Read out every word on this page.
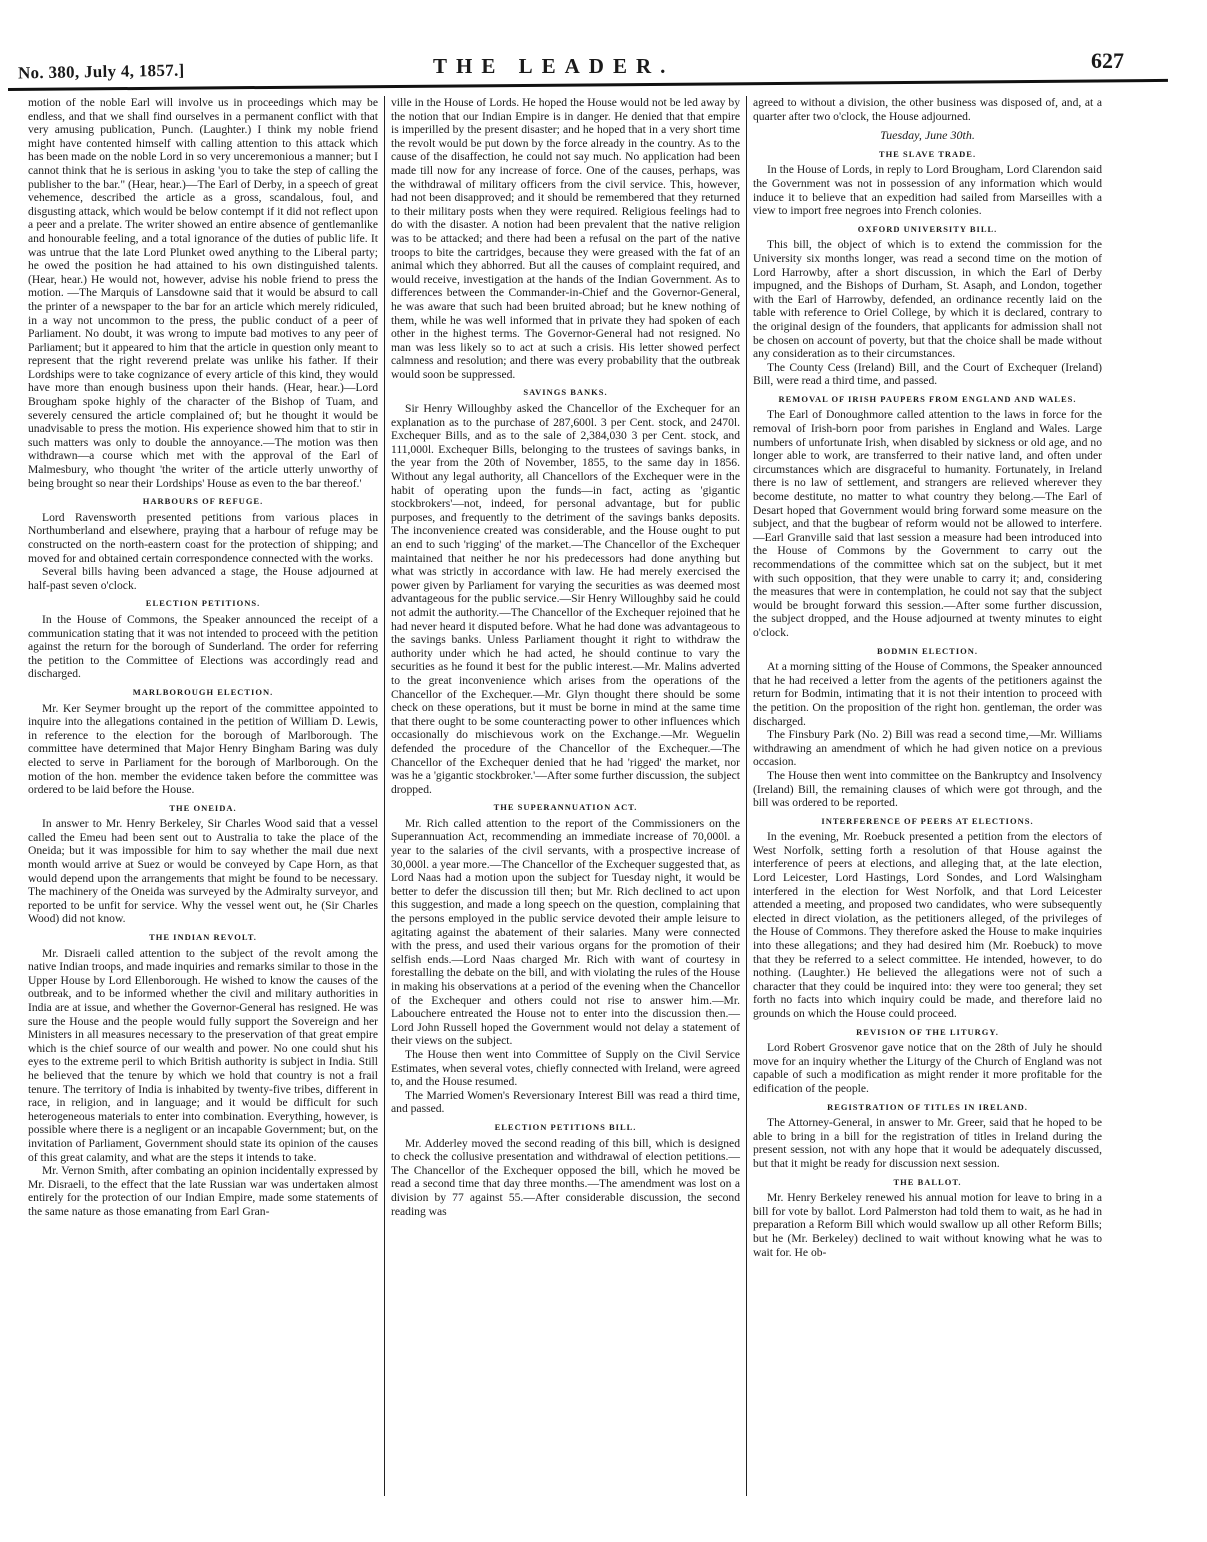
No. 380, July 4, 1857.]	THE LEADER.	627

motion of the noble Earl will involve us in proceedings which may be endless, and that we shall find ourselves in a permanent conflict with that very amusing publication, Punch. (Laughter.) I think my noble friend might have contented himself with calling attention to this attack which has been made on the noble Lord in so very unceremonious a manner; but I cannot think that he is serious in asking 'you to take the step of calling the publisher to the bar." (Hear, hear.)—The Earl of Derby, in a speech of great vehemence, described the article as a gross, scandalous, foul, and disgusting attack, which would be below contempt if it did not reflect upon a peer and a prelate. The writer showed an entire absence of gentlemanlike and honourable feeling, and a total ignorance of the duties of public life. It was untrue that the late Lord Plunket owed anything to the Liberal party; he owed the position he had attained to his own distinguished talents. (Hear, hear.) He would not, however, advise his noble friend to press the motion. —The Marquis of Lansdowne said that it would be absurd to call the printer of a newspaper to the bar for an article which merely ridiculed, in a way not uncommon to the press, the public conduct of a peer of Parliament. No doubt, it was wrong to impute bad motives to any peer of Parliament; but it appeared to him that the article in question only meant to represent that the right reverend prelate was unlike his father. If their Lordships were to take cognizance of every article of this kind, they would have more than enough business upon their hands. (Hear, hear.)—Lord Brougham spoke highly of the character of the Bishop of Tuam, and severely censured the article complained of; but he thought it would be unadvisable to press the motion. His experience showed him that to stir in such matters was only to double the annoyance.—The motion was then withdrawn—a course which met with the approval of the Earl of Malmesbury, who thought 'the writer of the article utterly unworthy of being brought so near their Lordships' House as even to the bar thereof.'

HARBOURS OF REFUGE.

Lord Ravensworth presented petitions from various places in Northumberland and elsewhere, praying that a harbour of refuge may be constructed on the north-eastern coast for the protection of shipping; and moved for and obtained certain correspondence connected with the works.

Several bills having been advanced a stage, the House adjourned at half-past seven o'clock.

ELECTION PETITIONS.

In the House of Commons, the Speaker announced the receipt of a communication stating that it was not intended to proceed with the petition against the return for the borough of Sunderland. The order for referring the petition to the Committee of Elections was accordingly read and discharged.

MARLBOROUGH ELECTION.

Mr. Ker Seymer brought up the report of the committee appointed to inquire into the allegations contained in the petition of William D. Lewis, in reference to the election for the borough of Marlborough. The committee have determined that Major Henry Bingham Baring was duly elected to serve in Parliament for the borough of Marlborough. On the motion of the hon. member the evidence taken before the committee was ordered to be laid before the House.

THE ONEIDA.

In answer to Mr. Henry Berkeley, Sir Charles Wood said that a vessel called the Emeu had been sent out to Australia to take the place of the Oneida; but it was impossible for him to say whether the mail due next month would arrive at Suez or would be conveyed by Cape Horn, as that would depend upon the arrangements that might be found to be necessary. The machinery of the Oneida was surveyed by the Admiralty surveyor, and reported to be unfit for service. Why the vessel went out, he (Sir Charles Wood) did not know.

THE INDIAN REVOLT.

Mr. Disraeli called attention to the subject of the revolt among the native Indian troops, and made inquiries and remarks similar to those in the Upper House by Lord Ellenborough. He wished to know the causes of the outbreak, and to be informed whether the civil and military authorities in India are at issue, and whether the Governor-General has resigned. He was sure the House and the people would fully support the Sovereign and her Ministers in all measures necessary to the preservation of that great empire which is the chief source of our wealth and power. No one could shut his eyes to the extreme peril to which British authority is subject in India. Still he believed that the tenure by which we hold that country is not a frail tenure. The territory of India is inhabited by twenty-five tribes, different in race, in religion, and in language; and it would be difficult for such heterogeneous materials to enter into combination. Everything, however, is possible where there is a negligent or an incapable Government; but, on the invitation of Parliament, Government should state its opinion of the causes of this great calamity, and what are the steps it intends to take.

Mr. Vernon Smith, after combating an opinion incidentally expressed by Mr. Disraeli, to the effect that the late Russian war was undertaken almost entirely for the protection of our Indian Empire, made some statements of the same nature as those emanating from Earl Gran-

ville in the House of Lords. He hoped the House would not be led away by the notion that our Indian Empire is in danger. He denied that that empire is imperilled by the present disaster; and he hoped that in a very short time the revolt would be put down by the force already in the country. As to the cause of the disaffection, he could not say much. No application had been made till now for any increase of force. One of the causes, perhaps, was the withdrawal of military officers from the civil service. This, however, had not been disapproved; and it should be remembered that they returned to their military posts when they were required. Religious feelings had to do with the disaster. A notion had been prevalent that the native religion was to be attacked; and there had been a refusal on the part of the native troops to bite the cartridges, because they were greased with the fat of an animal which they abhorred. But all the causes of complaint required, and would receive, investigation at the hands of the Indian Government. As to differences between the Commander-in-Chief and the Governor-General, he was aware that such had been bruited abroad; but he knew nothing of them, while he was well informed that in private they had spoken of each other in the highest terms. The Governor-General had not resigned. No man was less likely so to act at such a crisis. His letter showed perfect calmness and resolution; and there was every probability that the outbreak would soon be suppressed.

SAVINGS BANKS.

Sir Henry Willoughby asked the Chancellor of the Exchequer for an explanation as to the purchase of 287,600l. 3 per Cent. stock, and 2470l. Exchequer Bills, and as to the sale of 2,384,030 3 per Cent. stock, and 111,000l. Exchequer Bills, belonging to the trustees of savings banks, in the year from the 20th of November, 1855, to the same day in 1856. Without any legal authority, all Chancellors of the Exchequer were in the habit of operating upon the funds—in fact, acting as 'gigantic stockbrokers'—not, indeed, for personal advantage, but for public purposes, and frequently to the detriment of the savings banks deposits. The inconvenience created was considerable, and the House ought to put an end to such 'rigging' of the market.—The Chancellor of the Exchequer maintained that neither he nor his predecessors had done anything but what was strictly in accordance with law. He had merely exercised the power given by Parliament for varying the securities as was deemed most advantageous for the public service.—Sir Henry Willoughby said he could not admit the authority.—The Chancellor of the Exchequer rejoined that he had never heard it disputed before. What he had done was advantageous to the savings banks. Unless Parliament thought it right to withdraw the authority under which he had acted, he should continue to vary the securities as he found it best for the public interest.—Mr. Malins adverted to the great inconvenience which arises from the operations of the Chancellor of the Exchequer.—Mr. Glyn thought there should be some check on these operations, but it must be borne in mind at the same time that there ought to be some counteracting power to other influences which occasionally do mischievous work on the Exchange.—Mr. Weguelin defended the procedure of the Chancellor of the Exchequer.—The Chancellor of the Exchequer denied that he had 'rigged' the market, nor was he a 'gigantic stockbroker.'—After some further discussion, the subject dropped.

THE SUPERANNUATION ACT.

Mr. Rich called attention to the report of the Commissioners on the Superannuation Act, recommending an immediate increase of 70,000l. a year to the salaries of the civil servants, with a prospective increase of 30,000l. a year more.—The Chancellor of the Exchequer suggested that, as Lord Naas had a motion upon the subject for Tuesday night, it would be better to defer the discussion till then; but Mr. Rich declined to act upon this suggestion, and made a long speech on the question, complaining that the persons employed in the public service devoted their ample leisure to agitating against the abatement of their salaries. Many were connected with the press, and used their various organs for the promotion of their selfish ends.—Lord Naas charged Mr. Rich with want of courtesy in forestalling the debate on the bill, and with violating the rules of the House in making his observations at a period of the evening when the Chancellor of the Exchequer and others could not rise to answer him.—Mr. Labouchere entreated the House not to enter into the discussion then.—Lord John Russell hoped the Government would not delay a statement of their views on the subject.

The House then went into Committee of Supply on the Civil Service Estimates, when several votes, chiefly connected with Ireland, were agreed to, and the House resumed.

The Married Women's Reversionary Interest Bill was read a third time, and passed.

ELECTION PETITIONS BILL.

Mr. Adderley moved the second reading of this bill, which is designed to check the collusive presentation and withdrawal of election petitions.—The Chancellor of the Exchequer opposed the bill, which he moved be read a second time that day three months.—The amendment was lost on a division by 77 against 55.—After considerable discussion, the second reading was

agreed to without a division, the other business was disposed of, and, at a quarter after two o'clock, the House adjourned.

Tuesday, June 30th.
THE SLAVE TRADE.

In the House of Lords, in reply to Lord Brougham, Lord Clarendon said the Government was not in possession of any information which would induce it to believe that an expedition had sailed from Marseilles with a view to import free negroes into French colonies.

OXFORD UNIVERSITY BILL.

This bill, the object of which is to extend the commission for the University six months longer, was read a second time on the motion of Lord Harrowby, after a short discussion, in which the Earl of Derby impugned, and the Bishops of Durham, St. Asaph, and London, together with the Earl of Harrowby, defended, an ordinance recently laid on the table with reference to Oriel College, by which it is declared, contrary to the original design of the founders, that applicants for admission shall not be chosen on account of poverty, but that the choice shall be made without any consideration as to their circumstances.

The County Cess (Ireland) Bill, and the Court of Exchequer (Ireland) Bill, were read a third time, and passed.

REMOVAL OF IRISH PAUPERS FROM ENGLAND AND WALES.

The Earl of Donoughmore called attention to the laws in force for the removal of Irish-born poor from parishes in England and Wales. Large numbers of unfortunate Irish, when disabled by sickness or old age, and no longer able to work, are transferred to their native land, and often under circumstances which are disgraceful to humanity. Fortunately, in Ireland there is no law of settlement, and strangers are relieved wherever they become destitute, no matter to what country they belong.—The Earl of Desart hoped that Government would bring forward some measure on the subject, and that the bugbear of reform would not be allowed to interfere.—Earl Granville said that last session a measure had been introduced into the House of Commons by the Government to carry out the recommendations of the committee which sat on the subject, but it met with such opposition, that they were unable to carry it; and, considering the measures that were in contemplation, he could not say that the subject would be brought forward this session.—After some further discussion, the subject dropped, and the House adjourned at twenty minutes to eight o'clock.

BODMIN ELECTION.

At a morning sitting of the House of Commons, the Speaker announced that he had received a letter from the agents of the petitioners against the return for Bodmin, intimating that it is not their intention to proceed with the petition. On the proposition of the right hon. gentleman, the order was discharged.

The Finsbury Park (No. 2) Bill was read a second time,—Mr. Williams withdrawing an amendment of which he had given notice on a previous occasion.

The House then went into committee on the Bankruptcy and Insolvency (Ireland) Bill, the remaining clauses of which were got through, and the bill was ordered to be reported.

INTERFERENCE OF PEERS AT ELECTIONS.

In the evening, Mr. Roebuck presented a petition from the electors of West Norfolk, setting forth a resolution of that House against the interference of peers at elections, and alleging that, at the late election, Lord Leicester, Lord Hastings, Lord Sondes, and Lord Walsingham interfered in the election for West Norfolk, and that Lord Leicester attended a meeting, and proposed two candidates, who were subsequently elected in direct violation, as the petitioners alleged, of the privileges of the House of Commons. They therefore asked the House to make inquiries into these allegations; and they had desired him (Mr. Roebuck) to move that they be referred to a select committee. He intended, however, to do nothing. (Laughter.) He believed the allegations were not of such a character that they could be inquired into: they were too general; they set forth no facts into which inquiry could be made, and therefore laid no grounds on which the House could proceed.

REVISION OF THE LITURGY.

Lord Robert Grosvenor gave notice that on the 28th of July he should move for an inquiry whether the Liturgy of the Church of England was not capable of such a modification as might render it more profitable for the edification of the people.

REGISTRATION OF TITLES IN IRELAND.

The Attorney-General, in answer to Mr. Greer, said that he hoped to be able to bring in a bill for the registration of titles in Ireland during the present session, not with any hope that it would be adequately discussed, but that it might be ready for discussion next session.

THE BALLOT.

Mr. Henry Berkeley renewed his annual motion for leave to bring in a bill for vote by ballot. Lord Palmerston had told them to wait, as he had in preparation a Reform Bill which would swallow up all other Reform Bills; but he (Mr. Berkeley) declined to wait without knowing what he was to wait for. He ob-
